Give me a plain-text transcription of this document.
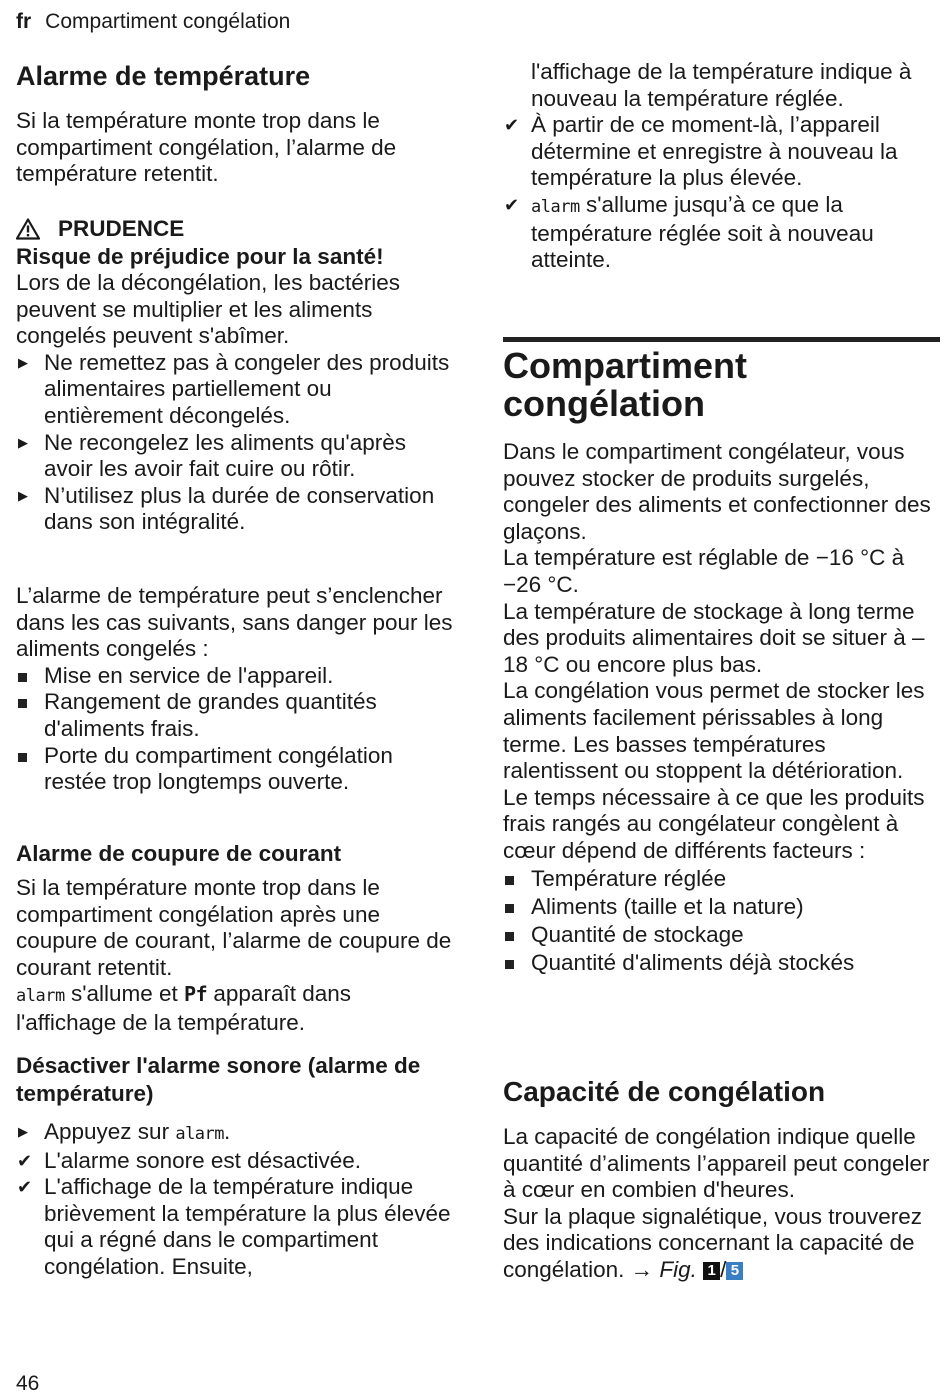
fr Compartiment congélation

Alarme de température

Si la température monte trop dans le compartiment congélation, l’alarme de température retentit.

PRUDENCE

Risque de préjudice pour la santé!

Lors de la décongélation, les bactéries peuvent se multiplier et les aliments congelés peuvent s'abîmer.

▶ Ne remettez pas à congeler des produits alimentaires partiellement ou entièrement décongelés.
▶ Ne recongelez les aliments qu'après avoir les avoir fait cuire ou rôtir.
▶ N’utilisez plus la durée de conservation dans son intégralité.

L’alarme de température peut s’enclencher dans les cas suivants, sans danger pour les aliments congelés :

Mise en service de l'appareil.
Rangement de grandes quantités d'aliments frais.
Porte du compartiment congélation restée trop longtemps ouverte.

Alarme de coupure de courant

Si la température monte trop dans le compartiment congélation après une coupure de courant, l’alarme de coupure de courant retentit.

alarm s'allume et Pf apparaît dans l'affichage de la température.

Désactiver l'alarme sonore (alarme de température)

▶ Appuyez sur alarm.
✔ L'alarme sonore est désactivée.
✔ L'affichage de la température indique brièvement la température la plus élevée qui a régné dans le compartiment congélation. Ensuite,
l'affichage de la température indique à nouveau la température réglée.
✔ À partir de ce moment-là, l’appareil détermine et enregistre à nouveau la température la plus élevée.
✔ alarm s'allume jusqu’à ce que la température réglée soit à nouveau atteinte.

Compartiment congélation

Dans le compartiment congélateur, vous pouvez stocker de produits surgelés, congeler des aliments et confectionner des glaçons.

La température est réglable de −16 °C à −26 °C.

La température de stockage à long terme des produits alimentaires doit se situer à –18 °C ou encore plus bas.

La congélation vous permet de stocker les aliments facilement périssables à long terme. Les basses températures ralentissent ou stoppent la détérioration.

Le temps nécessaire à ce que les produits frais rangés au congélateur congèlent à cœur dépend de différents facteurs :

Température réglée
Aliments (taille et la nature)
Quantité de stockage
Quantité d'aliments déjà stockés

Capacité de congélation

La capacité de congélation indique quelle quantité d’aliments l’appareil peut congeler à cœur en combien d'heures.

Sur la plaque signalétique, vous trouverez des indications concernant la capacité de congélation. → Fig. 1 / 5

46
